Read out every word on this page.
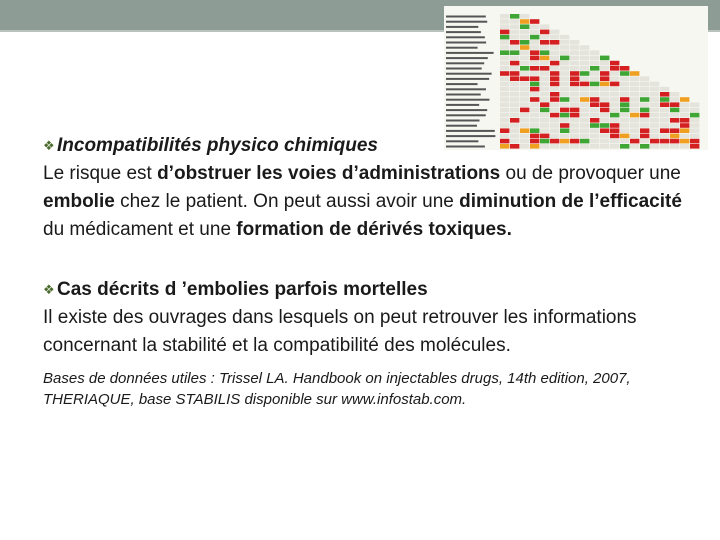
❖ Incompatibilités physico chimiques

Le risque est d’obstruer les voies d’administrations ou de provoquer une embolie chez le patient. On peut aussi avoir une diminution de l’efficacité du médicament et une formation de dérivés toxiques.

❖ Cas décrits d ’embolies parfois mortelles

Il existe des ouvrages dans lesquels on peut retrouver les informations concernant la stabilité et la compatibilité des molécules.

Bases de données utiles : Trissel LA. Handbook on injectables drugs, 14th edition, 2007, THERIAQUE, base STABILIS disponible sur www.infostab.com.
